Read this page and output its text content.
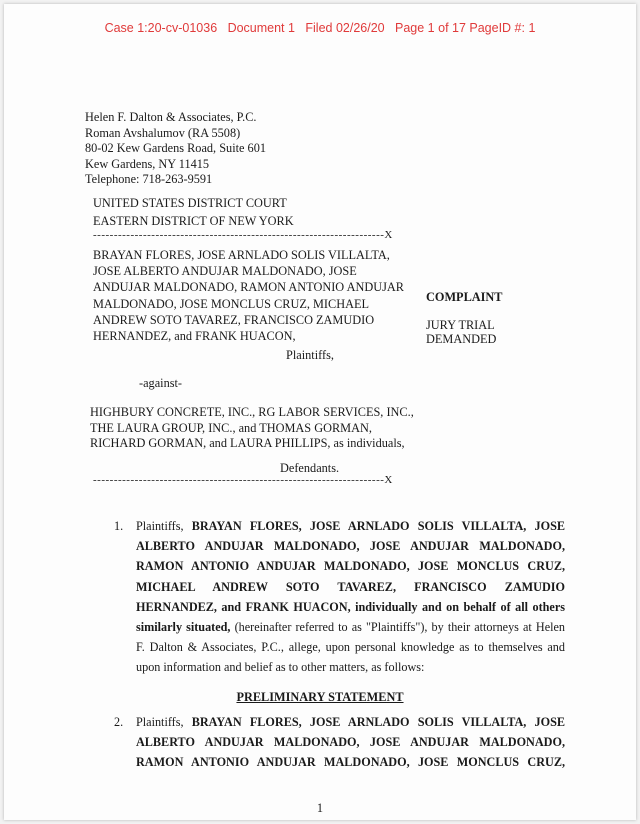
Case 1:20-cv-01036   Document 1   Filed 02/26/20   Page 1 of 17 PageID #: 1
Helen F. Dalton & Associates, P.C.
Roman Avshalumov (RA 5508)
80-02 Kew Gardens Road, Suite 601
Kew Gardens, NY 11415
Telephone: 718-263-9591
UNITED STATES DISTRICT COURT
EASTERN DISTRICT OF NEW YORK
----------------------------------------------------------------------X
BRAYAN FLORES, JOSE ARNLADO SOLIS VILLALTA,
JOSE ALBERTO ANDUJAR MALDONADO, JOSE
ANDUJAR MALDONADO, RAMON ANTONIO ANDUJAR
MALDONADO, JOSE MONCLUS CRUZ, MICHAEL
ANDREW SOTO TAVAREZ, FRANCISCO ZAMUDIO
HERNANDEZ, and FRANK HUACON,
COMPLAINT
JURY TRIAL
DEMANDED
Plaintiffs,
-against-
HIGHBURY CONCRETE, INC., RG LABOR SERVICES, INC.,
THE LAURA GROUP, INC., and THOMAS GORMAN,
RICHARD GORMAN, and LAURA PHILLIPS, as individuals,
Defendants.
----------------------------------------------------------------------X
1.	Plaintiffs, BRAYAN FLORES, JOSE ARNLADO SOLIS VILLALTA, JOSE
ALBERTO ANDUJAR MALDONADO, JOSE ANDUJAR MALDONADO,
RAMON ANTONIO ANDUJAR MALDONADO, JOSE MONCLUS CRUZ,
MICHAEL ANDREW SOTO TAVAREZ, FRANCISCO ZAMUDIO
HERNANDEZ, and FRANK HUACON, individually and on behalf of all others
similarly situated, (hereinafter referred to as "Plaintiffs"), by their attorneys at Helen
F. Dalton & Associates, P.C., allege, upon personal knowledge as to themselves and
upon information and belief as to other matters, as follows:
PRELIMINARY STATEMENT
2.	Plaintiffs, BRAYAN FLORES, JOSE ARNLADO SOLIS VILLALTA, JOSE
ALBERTO ANDUJAR MALDONADO, JOSE ANDUJAR MALDONADO,
RAMON ANTONIO ANDUJAR MALDONADO, JOSE MONCLUS CRUZ,
1
